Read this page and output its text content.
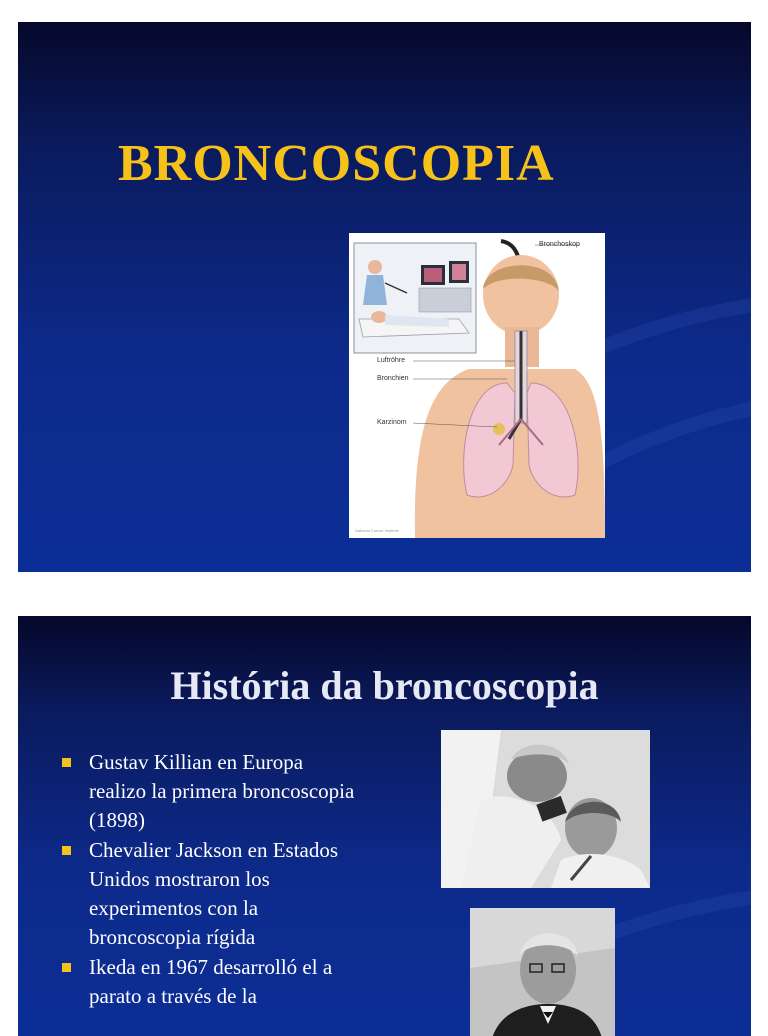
BRONCOSCOPIA
Bronchoskop
Luftröhre
Bronchien
Karzinom
National Cancer Institute
História da broncoscopia
Gustav Killian en Europa realizo la primera broncoscopia (1898)
Chevalier Jackson en Estados Unidos mostraron los experimentos con la broncoscopia rígida
Ikeda en 1967 desarrolló el a parato a través de la
